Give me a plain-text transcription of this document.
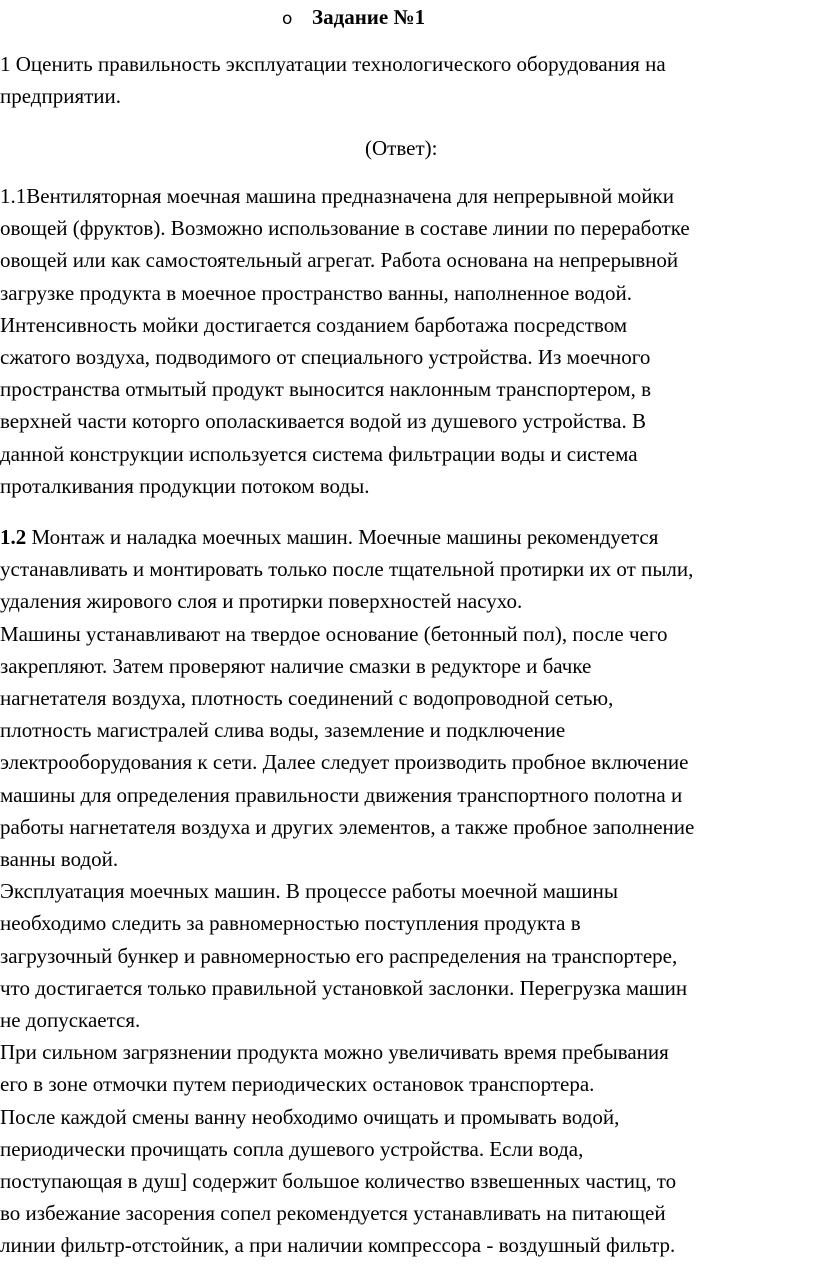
o Задание №1
1 Оценить правильность эксплуатации технологического оборудования на
предприятии.
(Ответ):
1.1Вентиляторная моечная машина предназначена для непрерывной мойки
овощей (фруктов). Возможно использование в составе линии по переработке
овощей или как самостоятельный агрегат. Работа основана на непрерывной
загрузке продукта в моечное пространство ванны, наполненное водой.
Интенсивность мойки достигается созданием барботажа посредством
сжатого воздуха, подводимого от специального устройства. Из моечного
пространства отмытый продукт выносится наклонным транспортером, в
верхней части которго ополаскивается водой из душевого устройства. В
данной конструкции используется система фильтрации воды и система
проталкивания продукции потоком воды.
1.2 Монтаж и наладка моечных машин. Моечные машины рекомендуется
устанавливать и монтировать только после тщательной протирки их от пыли,
удаления жирового слоя и протирки поверхностей насухо.
Машины устанавливают на твердое основание (бетонный пол), после чего
закрепляют. Затем проверяют наличие смазки в редукторе и бачке
нагнетателя воздуха, плотность соединений с водопроводной сетью,
плотность магистралей слива воды, заземление и подключение
электрооборудования к сети. Далее следует производить пробное включение
машины для определения правильности движения транспортного полотна и
работы нагнетателя воздуха и других элементов, а также пробное заполнение
ванны водой.
Эксплуатация моечных машин. В процессе работы моечной машины
необходимо следить за равномерностью поступления продукта в
загрузочный бункер и равномерностью его распределения на транспортере,
что достигается только правильной установкой заслонки. Перегрузка машин
не допускается.
При сильном загрязнении продукта можно увеличивать время пребывания
его в зоне отмочки путем периодических остановок транспортера.
После каждой смены ванну необходимо очищать и промывать водой,
периодически прочищать сопла душевого устройства. Если вода,
поступающая в душ] содержит большое количество взвешенных частиц, то
во избежание засорения сопел рекомендуется устанавливать на питающей
линии фильтр-отстойник, а при наличии компрессора - воздушный фильтр.
